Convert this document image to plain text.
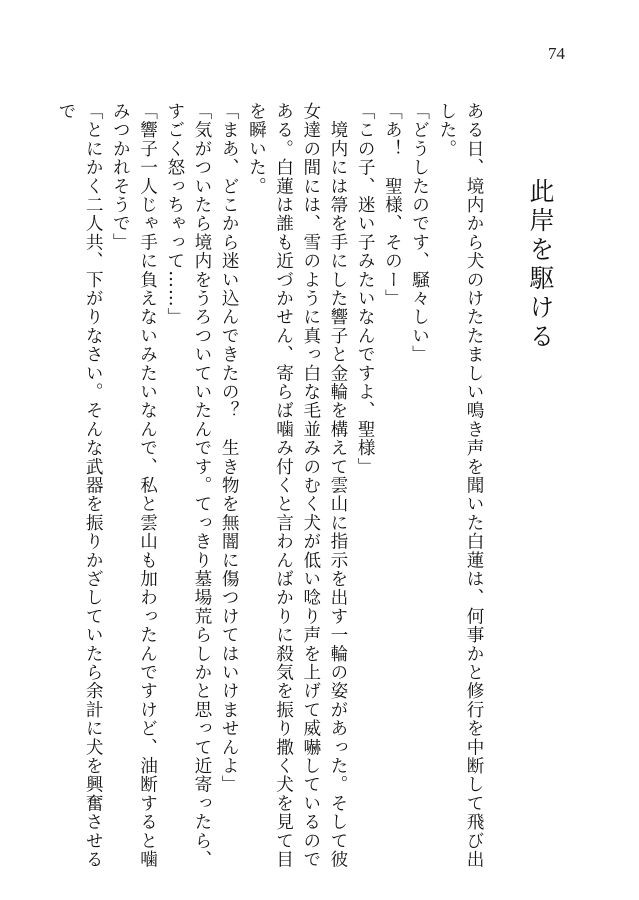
74
此岸を駆ける

ある日、境内から犬のけたたましい鳴き声を聞いた白蓮は、何事かと修行を中断して飛び出した。

「どうしたのです、騒々しい」

「あ！　聖様、そのー」

「この子、迷い子みたいなんですよ、聖様」

　境内には箒を手にした響子と金輪を構えて雲山に指示を出す一輪の姿があった。そして彼女達の間には、雪のように真っ白な毛並みのむく犬が低い唸り声を上げて威嚇しているのである。白蓮は誰も近づかせん、寄らば噛み付くと言わんばかりに殺気を振り撒く犬を見て目を瞬いた。

「まあ、どこから迷い込んできたの？　生き物を無闇に傷つけてはいけませんよ」

「気がついたら境内をうろついていたんです。てっきり墓場荒らしかと思って近寄ったら、すごく怒っちゃって……」

「響子一人じゃ手に負えないみたいなんで、私と雲山も加わったんですけど、油断すると噛みつかれそうで」

「とにかく二人共、下がりなさい。そんな武器を振りかざしていたら余計に犬を興奮させるで
